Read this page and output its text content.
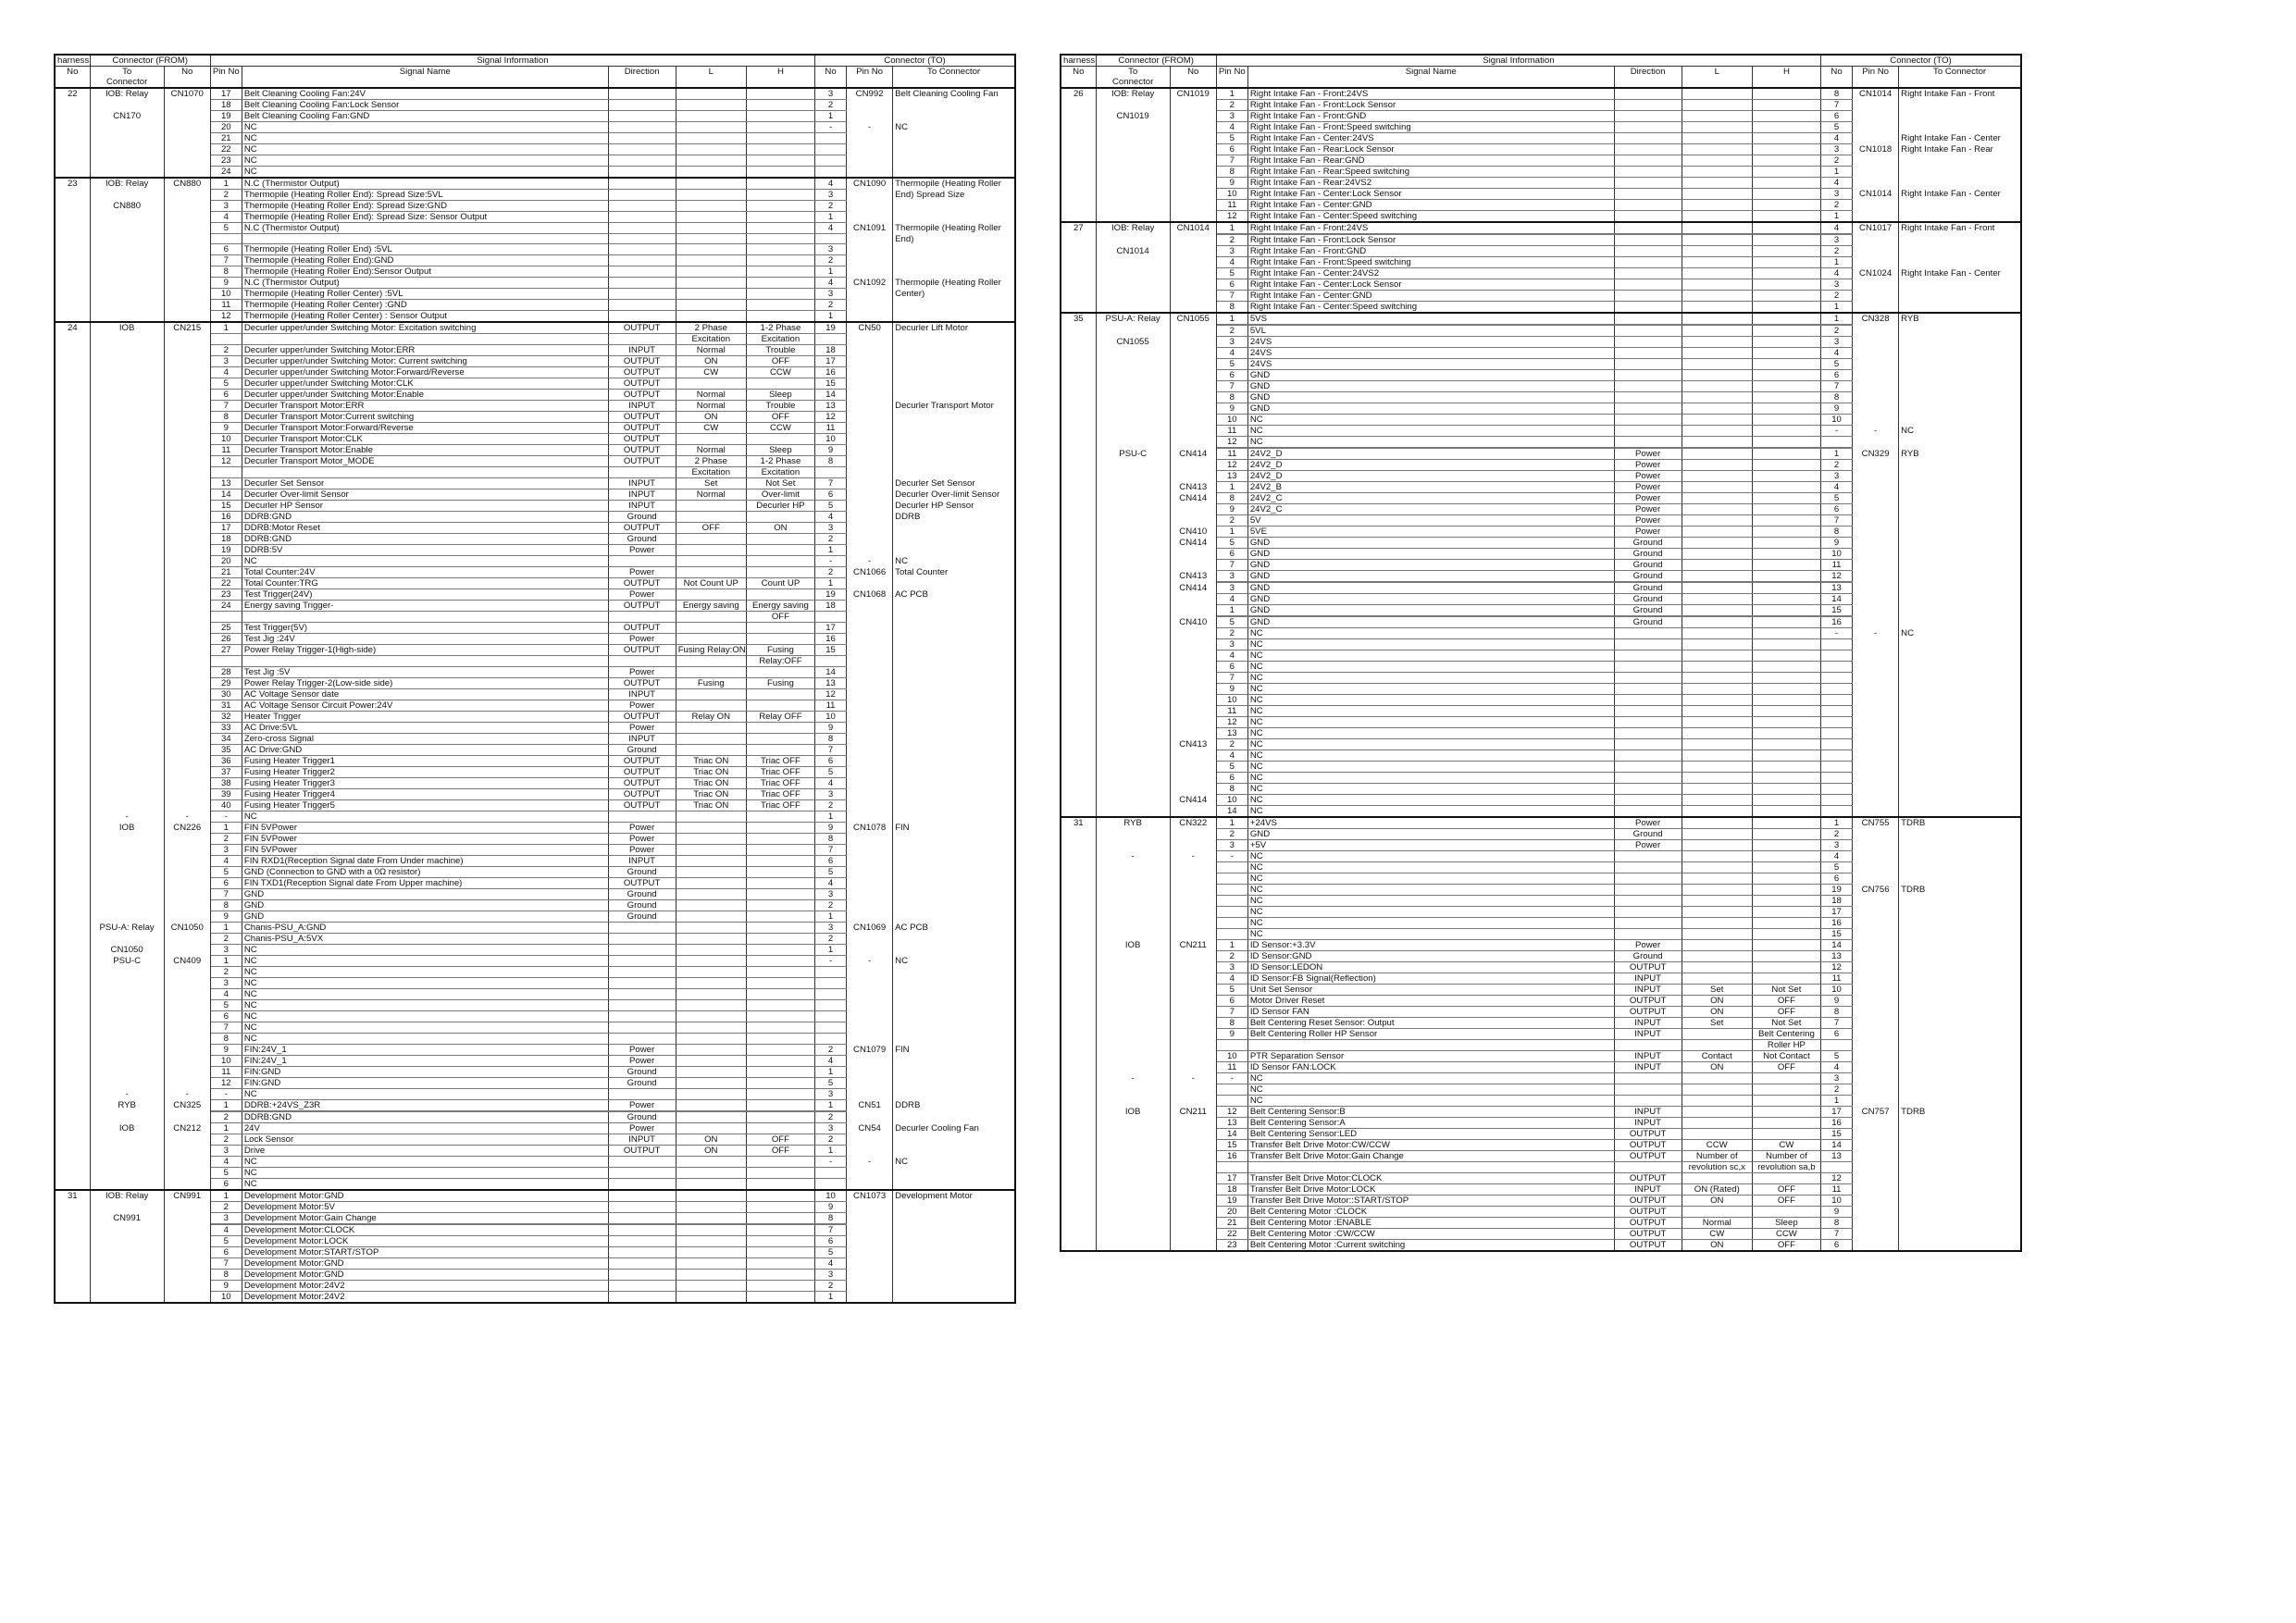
harness	Connector (FROM)		Signal Information					Connector (TO)		
No	To
Connector	No	Pin No	Signal Name	Direction	L	H	No	Pin No	To Connector
22	IOB: Relay	CN1070	17	Belt Cleaning Cooling Fan:24V				3	CN992	Belt Cleaning Cooling Fan
			18	Belt Cleaning Cooling Fan:Lock Sensor				2		
	CN170		19	Belt Cleaning Cooling Fan:GND				1		
			20	NC				-	-	NC
			21	NC						
			22	NC						
			23	NC						
			24	NC						
23	IOB: Relay	CN880	1	N.C (Thermistor Output)				4	CN1090	Thermopile (Heating Roller
			2	Thermopile (Heating Roller End): Spread Size:5VL				3		End) Spread Size
	CN880		3	Thermopile (Heating Roller End): Spread Size:GND				2		
			4	Thermopile (Heating Roller End): Spread Size: Sensor Output				1		
			5	N.C (Thermistor Output)				4	CN1091	Thermopile (Heating Roller
										End)
			6	Thermopile (Heating Roller End) :5VL				3		
			7	Thermopile (Heating Roller End):GND				2		
			8	Thermopile (Heating Roller End):Sensor Output				1		
			9	N.C (Thermistor Output)				4	CN1092	Thermopile (Heating Roller
			10	Thermopile (Heating Roller Center) :5VL				3		Center)
			11	Thermopile (Heating Roller Center) :GND				2		
			12	Thermopile (Heating Roller Center) : Sensor Output				1		
24	IOB	CN215	1	Decurler upper/under Switching Motor: Excitation switching	OUTPUT	2 Phase	1-2 Phase	19	CN50	Decurler Lift Motor
						Excitation	Excitation			
			2	Decurler upper/under Switching Motor:ERR	INPUT	Normal	Trouble	18		
			3	Decurler upper/under Switching Motor: Current switching	OUTPUT	ON	OFF	17		
			4	Decurler upper/under Switching Motor:Forward/Reverse	OUTPUT	CW	CCW	16		
			5	Decurler upper/under Switching Motor:CLK	OUTPUT			15		
			6	Decurler upper/under Switching Motor:Enable	OUTPUT	Normal	Sleep	14		
			7	Decurler Transport Motor:ERR	INPUT	Normal	Trouble	13		Decurler Transport Motor
			8	Decurler Transport Motor:Current switching	OUTPUT	ON	OFF	12		
			9	Decurler Transport Motor:Forward/Reverse	OUTPUT	CW	CCW	11		
			10	Decurler Transport Motor:CLK	OUTPUT			10		
			11	Decurler Transport Motor:Enable	OUTPUT	Normal	Sleep	9		
			12	Decurler Transport Motor_MODE	OUTPUT	2 Phase	1-2 Phase	8		
						Excitation	Excitation			
			13	Decurler Set Sensor	INPUT	Set	Not Set	7		Decurler Set Sensor
			14	Decurler Over-limit Sensor	INPUT	Normal	Over-limit	6		Decurler Over-limit Sensor
			15	Decurler HP Sensor	INPUT		Decurler HP	5		Decurler HP Sensor
			16	DDRB:GND	Ground			4		DDRB
			17	DDRB:Motor Reset	OUTPUT	OFF	ON	3		
			18	DDRB:GND	Ground			2		
			19	DDRB:5V	Power			1		
			20	NC				-	-	NC
			21	Total Counter:24V	Power			2	CN1066	Total Counter
			22	Total Counter:TRG	OUTPUT	Not Count UP	Count UP	1		
			23	Test Trigger(24V)	Power			19	CN1068	AC PCB
			24	Energy saving Trigger-	OUTPUT	Energy saving	Energy saving	18		
							OFF			
			25	Test Trigger(5V)	OUTPUT			17		
			26	Test Jig :24V	Power			16		
			27	Power Relay Trigger-1(High-side)	OUTPUT	Fusing Relay:ON	Fusing	15		
							Relay:OFF			
			28	Test Jig :5V	Power			14		
			29	Power Relay Trigger-2(Low-side side)	OUTPUT	Fusing	Fusing	13		
			30	AC Voltage Sensor date	INPUT			12		
			31	AC Voltage Sensor Circuit Power:24V	Power			11		
			32	Heater Trigger	OUTPUT	Relay ON	Relay OFF	10		
			33	AC Drive:5VL	Power			9		
			34	Zero-cross Signal	INPUT			8		
			35	AC Drive:GND	Ground			7		
			36	Fusing Heater Trigger1	OUTPUT	Triac ON	Triac OFF	6		
			37	Fusing Heater Trigger2	OUTPUT	Triac ON	Triac OFF	5		
			38	Fusing Heater Trigger3	OUTPUT	Triac ON	Triac OFF	4		
			39	Fusing Heater Trigger4	OUTPUT	Triac ON	Triac OFF	3		
			40	Fusing Heater Trigger5	OUTPUT	Triac ON	Triac OFF	2		
	-	-	-	NC				1		
	IOB	CN226	1	FIN 5VPower	Power			9	CN1078	FIN
			2	FIN 5VPower	Power			8		
			3	FIN 5VPower	Power			7		
			4	FIN RXD1(Reception Signal date From Under machine)	INPUT			6		
			5	GND (Connection to GND with a 0Ω resistor)	Ground			5		
			6	FIN TXD1(Reception Signal date From Upper machine)	OUTPUT			4		
			7	GND	Ground			3		
			8	GND	Ground			2		
			9	GND	Ground			1		
	PSU-A: Relay	CN1050	1	Chanis-PSU_A:GND				3	CN1069	AC PCB
			2	Chanis-PSU_A:5VX				2		
	CN1050		3	NC				1		
	PSU-C	CN409	1	NC				-	-	NC
			2	NC						
			3	NC						
			4	NC						
			5	NC						
			6	NC						
			7	NC						
			8	NC						
			9	FIN:24V_1	Power			2	CN1079	FIN
			10	FIN:24V_1	Power			4		
			11	FIN:GND	Ground			1		
			12	FIN:GND	Ground			5		
	-	-	-	NC				3		
	RYB	CN325	1	DDRB:+24VS_Z3R	Power			1	CN51	DDRB

			2	DDRB:GND	Ground			2		
	IOB	CN212	1	24V	Power			3	CN54	Decurler Cooling Fan
			2	Lock Sensor	INPUT	ON	OFF	2		
			3	Drive	OUTPUT	ON	OFF	1		
			4	NC				-	-	NC
			5	NC						
			6	NC						
31	IOB: Relay	CN991	1	Development Motor:GND				10	CN1073	Development Motor
			2	Development Motor:5V				9		
	CN991		3	Development Motor:Gain Change				8		

			4	Development Motor:CLOCK				7		
			5	Development Motor:LOCK				6		
			6	Development Motor:START/STOP				5		
			7	Development Motor:GND				4		
			8	Development Motor:GND				3		
			9	Development Motor:24V2				2		
			10	Development Motor:24V2				1		
harness	Connector (FROM)		Signal Information					Connector (TO)		
No	To
Connector	No	Pin No	Signal Name	Direction	L	H	No	Pin No	To Connector
26	IOB: Relay	CN1019	1	Right Intake Fan - Front:24VS				8	CN1014	Right Intake Fan - Front
			2	Right Intake Fan - Front:Lock Sensor				7		
	CN1019		3	Right Intake Fan - Front:GND				6		
			4	Right Intake Fan - Front:Speed switching				5		
			5	Right Intake Fan - Center:24VS				4		Right Intake Fan - Center
			6	Right Intake Fan - Rear:Lock Sensor				3	CN1018	Right Intake Fan - Rear
			7	Right Intake Fan - Rear:GND				2		
			8	Right Intake Fan - Rear:Speed switching				1		
			9	Right Intake Fan - Rear:24VS2				4		
			10	Right Intake Fan - Center:Lock Sensor				3	CN1014	Right Intake Fan - Center
			11	Right Intake Fan - Center:GND				2		
			12	Right Intake Fan - Center:Speed switching				1		
27	IOB: Relay	CN1014	1	Right Intake Fan - Front:24VS				4	CN1017	Right Intake Fan - Front

			2	Right Intake Fan - Front:Lock Sensor				3		
	CN1014		3	Right Intake Fan - Front:GND				2		
			4	Right Intake Fan - Front:Speed switching				1		
			5	Right Intake Fan - Center:24VS2				4	CN1024	Right Intake Fan - Center
			6	Right Intake Fan - Center:Lock Sensor				3		
			7	Right Intake Fan - Center:GND				2		
			8	Right Intake Fan - Center:Speed switching				1		
35	PSU-A: Relay	CN1055	1	5VS				1	CN328	RYB

			2	5VL				2		
	CN1055		3	24VS				3		
			4	24VS				4		
			5	24VS				5		
			6	GND				6		
			7	GND				7		
			8	GND				8		
			9	GND				9		
			10	NC				10		
			11	NC				-	-	NC
			12	NC						

	PSU-C	CN414	11	24V2_D	Power			1	CN329	RYB
			12	24V2_D	Power			2		
			13	24V2_D	Power			3		
		CN413	1	24V2_B	Power			4		
		CN414	8	24V2_C	Power			5		
			9	24V2_C	Power			6		
			2	5V	Power			7		
		CN410	1	5VE	Power			8		
		CN414	5	GND	Ground			9		
			6	GND	Ground			10		
			7	GND	Ground			11		
		CN413	3	GND	Ground			12		

		CN414	3	GND	Ground			13		
			4	GND	Ground			14		
			1	GND	Ground			15		

		CN410	5	GND	Ground			16		
			2	NC				-	-	NC
			3	NC						
			4	NC						
			6	NC						
			7	NC						
			9	NC						
			10	NC						
			11	NC						
			12	NC						
			13	NC						
		CN413	2	NC						
			4	NC						
			5	NC						
			6	NC						
			8	NC						
		CN414	10	NC						
			14	NC						
31	RYB	CN322	1	+24VS	Power			1	CN755	TDRB
			2	GND	Ground			2		
			3	+5V	Power			3		
	-	-	-	NC				4		
				NC				5		
				NC				6		
				NC				19	CN756	TDRB
				NC				18		
				NC				17		
				NC				16		
				NC				15		
	IOB	CN211	1	ID Sensor:+3.3V	Power			14		
			2	ID Sensor:GND	Ground			13		
			3	ID Sensor:LEDON	OUTPUT			12		
			4	ID Sensor:FB Signal(Reflection)	INPUT			11		
			5	Unit Set Sensor	INPUT	Set	Not Set	10		
			6	Motor Driver Reset	OUTPUT	ON	OFF	9		
			7	ID Sensor FAN	OUTPUT	ON	OFF	8		
			8	Belt Centering Reset Sensor: Output	INPUT	Set	Not Set	7		
			9	Belt Centering Roller HP Sensor	INPUT		Belt Centering	6		
							Roller HP			
			10	PTR Separation Sensor	INPUT	Contact	Not Contact	5		
			11	ID Sensor FAN:LOCK	INPUT	ON	OFF	4		
	-	-	-	NC				3		
				NC				2		
				NC				1		
	IOB	CN211	12	Belt Centering Sensor:B	INPUT			17	CN757	TDRB
			13	Belt Centering Sensor:A	INPUT			16		
			14	Belt Centering Sensor:LED	OUTPUT			15		
			15	Transfer Belt Drive Motor:CW/CCW	OUTPUT	CCW	CW	14		
			16	Transfer Belt Drive Motor:Gain Change	OUTPUT	Number of	Number of	13		
						revolution sc,x	revolution sa,b			
			17	Transfer Belt Drive Motor:CLOCK	OUTPUT			12		
			18	Transfer Belt Drive Motor:LOCK	INPUT	ON (Rated)	OFF	11		
			19	Transfer Belt Drive Motor::START/STOP	OUTPUT	ON	OFF	10		
			20	Belt Centering Motor :CLOCK	OUTPUT			9		
			21	Belt Centering Motor :ENABLE	OUTPUT	Normal	Sleep	8		
			22	Belt Centering Motor :CW/CCW	OUTPUT	CW	CCW	7		
			23	Belt Centering Motor :Current switching	OUTPUT	ON	OFF	6		
